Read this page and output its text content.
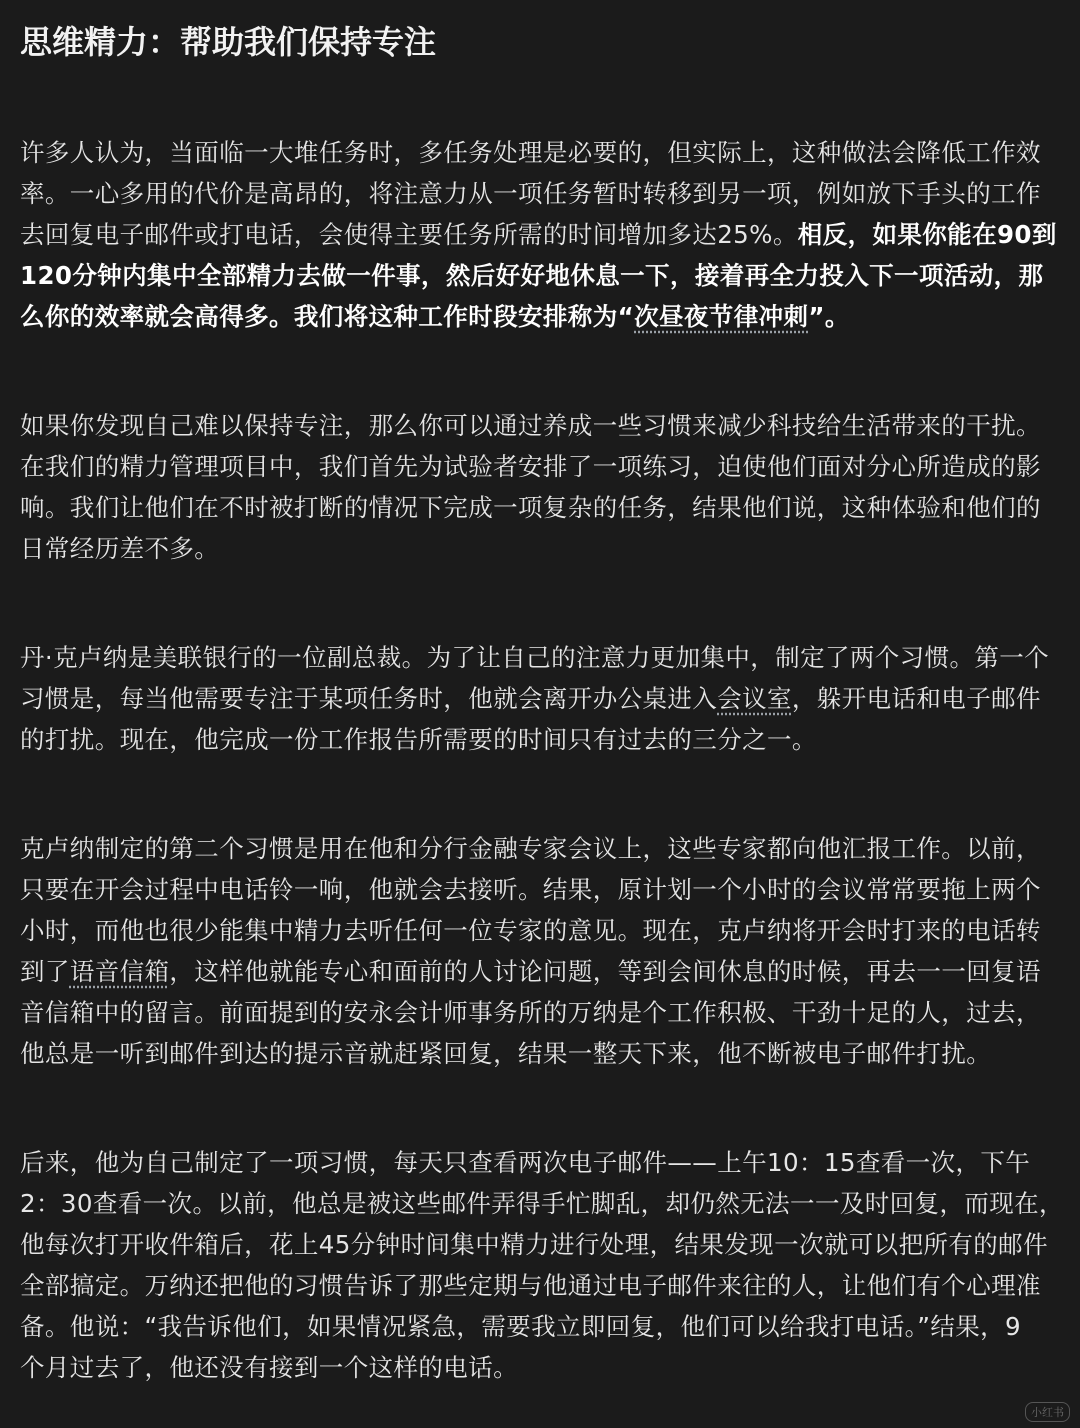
思维精力：帮助我们保持专注

许多人认为，当面临一大堆任务时，多任务处理是必要的，但实际上，这种做法会降低工作效
率。一心多用的代价是高昂的，将注意力从一项任务暂时转移到另一项，例如放下手头的工作
去回复电子邮件或打电话，会使得主要任务所需的时间增加多达25%。相反，如果你能在90到
120分钟内集中全部精力去做一件事，然后好好地休息一下，接着再全力投入下一项活动，那
么你的效率就会高得多。我们将这种工作时段安排称为“次昼夜节律冲刺”。

如果你发现自己难以保持专注，那么你可以通过养成一些习惯来减少科技给生活带来的干扰。
在我们的精力管理项目中，我们首先为试验者安排了一项练习，迫使他们面对分心所造成的影
响。我们让他们在不时被打断的情况下完成一项复杂的任务，结果他们说，这种体验和他们的
日常经历差不多。

丹·克卢纳是美联银行的一位副总裁。为了让自己的注意力更加集中，制定了两个习惯。第一个
习惯是，每当他需要专注于某项任务时，他就会离开办公桌进入会议室，躲开电话和电子邮件
的打扰。现在，他完成一份工作报告所需要的时间只有过去的三分之一。

克卢纳制定的第二个习惯是用在他和分行金融专家会议上，这些专家都向他汇报工作。以前，
只要在开会过程中电话铃一响，他就会去接听。结果，原计划一个小时的会议常常要拖上两个
小时，而他也很少能集中精力去听任何一位专家的意见。现在，克卢纳将开会时打来的电话转
到了语音信箱，这样他就能专心和面前的人讨论问题，等到会间休息的时候，再去一一回复语
音信箱中的留言。前面提到的安永会计师事务所的万纳是个工作积极、干劲十足的人，过去，
他总是一听到邮件到达的提示音就赶紧回复，结果一整天下来，他不断被电子邮件打扰。

后来，他为自己制定了一项习惯，每天只查看两次电子邮件——上午10：15查看一次，下午
2：30查看一次。以前，他总是被这些邮件弄得手忙脚乱，却仍然无法一一及时回复，而现在，
他每次打开收件箱后，花上45分钟时间集中精力进行处理，结果发现一次就可以把所有的邮件
全部搞定。万纳还把他的习惯告诉了那些定期与他通过电子邮件来往的人，让他们有个心理准
备。他说：“我告诉他们，如果情况紧急，需要我立即回复，他们可以给我打电话。”结果，9
个月过去了，他还没有接到一个这样的电话。

小红书
